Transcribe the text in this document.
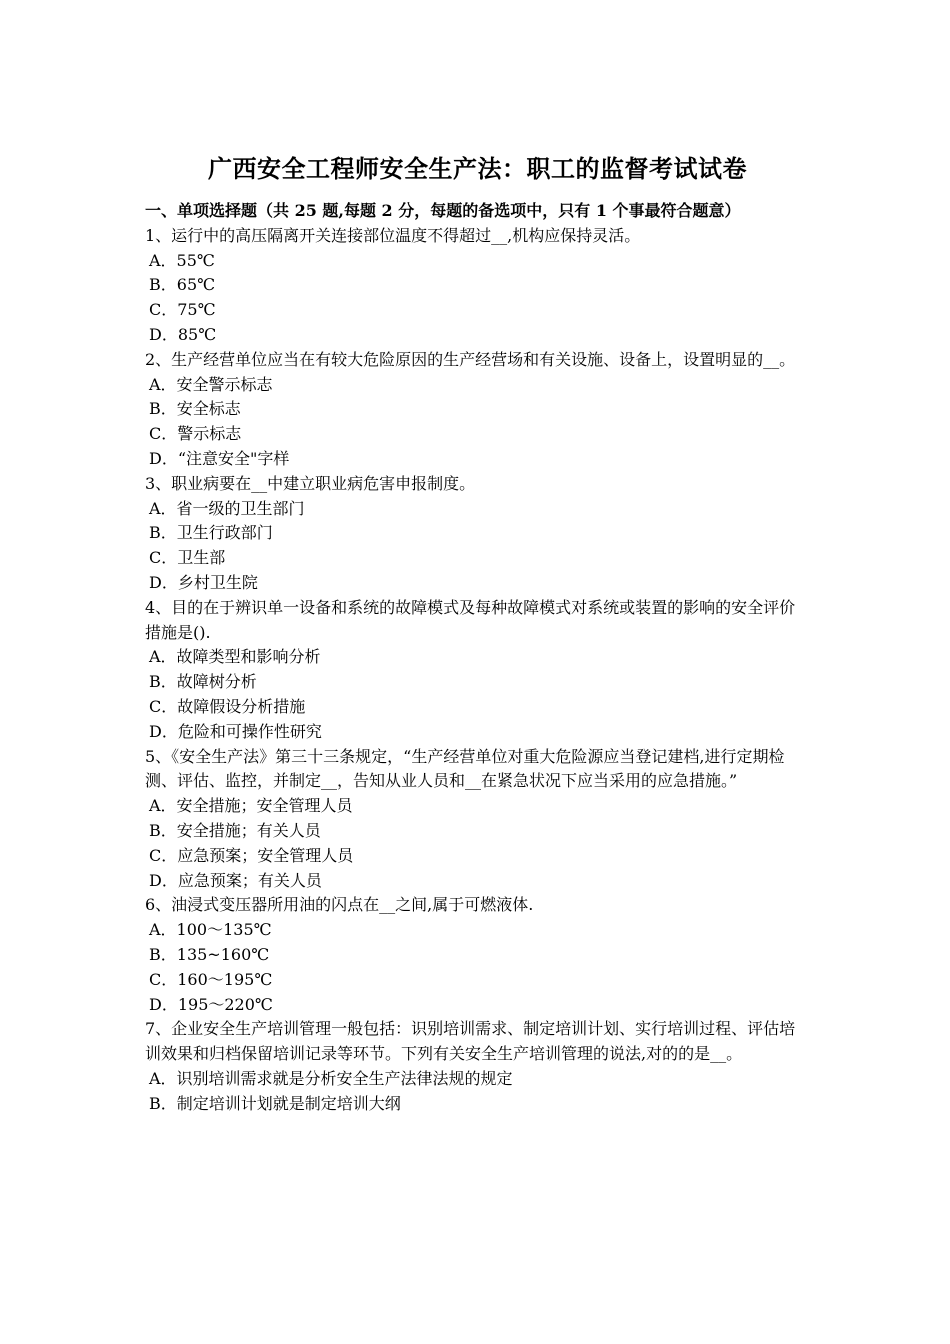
广西安全工程师安全生产法：职工的监督考试试卷

一、单项选择题（共 25 题,每题 2 分，每题的备选项中，只有 1 个事最符合题意）

1、运行中的高压隔离开关连接部位温度不得超过__,机构应保持灵活。

A．55℃

B．65℃

C．75℃

D．85℃

2、生产经营单位应当在有较大危险原因的生产经营场和有关设施、设备上，设置明显的__。

A．安全警示标志

B．安全标志

C．警示标志

D．“注意安全"字样

3、职业病要在__中建立职业病危害申报制度。

A．省一级的卫生部门

B．卫生行政部门

C．卫生部

D．乡村卫生院

4、目的在于辨识单一设备和系统的故障模式及每种故障模式对系统或装置的影响的安全评价措施是().

A．故障类型和影响分析

B．故障树分析

C．故障假设分析措施

D．危险和可操作性研究

5、《安全生产法》第三十三条规定，“生产经营单位对重大危险源应当登记建档,进行定期检测、评估、监控，并制定__，告知从业人员和__在紧急状况下应当采用的应急措施。”

A．安全措施；安全管理人员

B．安全措施；有关人员

C．应急预案；安全管理人员

D．应急预案；有关人员

6、油浸式变压器所用油的闪点在__之间,属于可燃液体.

A．100～135℃

B．135~160℃

C．160～195℃

D．195～220℃

7、企业安全生产培训管理一般包括：识别培训需求、制定培训计划、实行培训过程、评估培训效果和归档保留培训记录等环节。下列有关安全生产培训管理的说法,对的的是__。

A．识别培训需求就是分析安全生产法律法规的规定

B．制定培训计划就是制定培训大纲
